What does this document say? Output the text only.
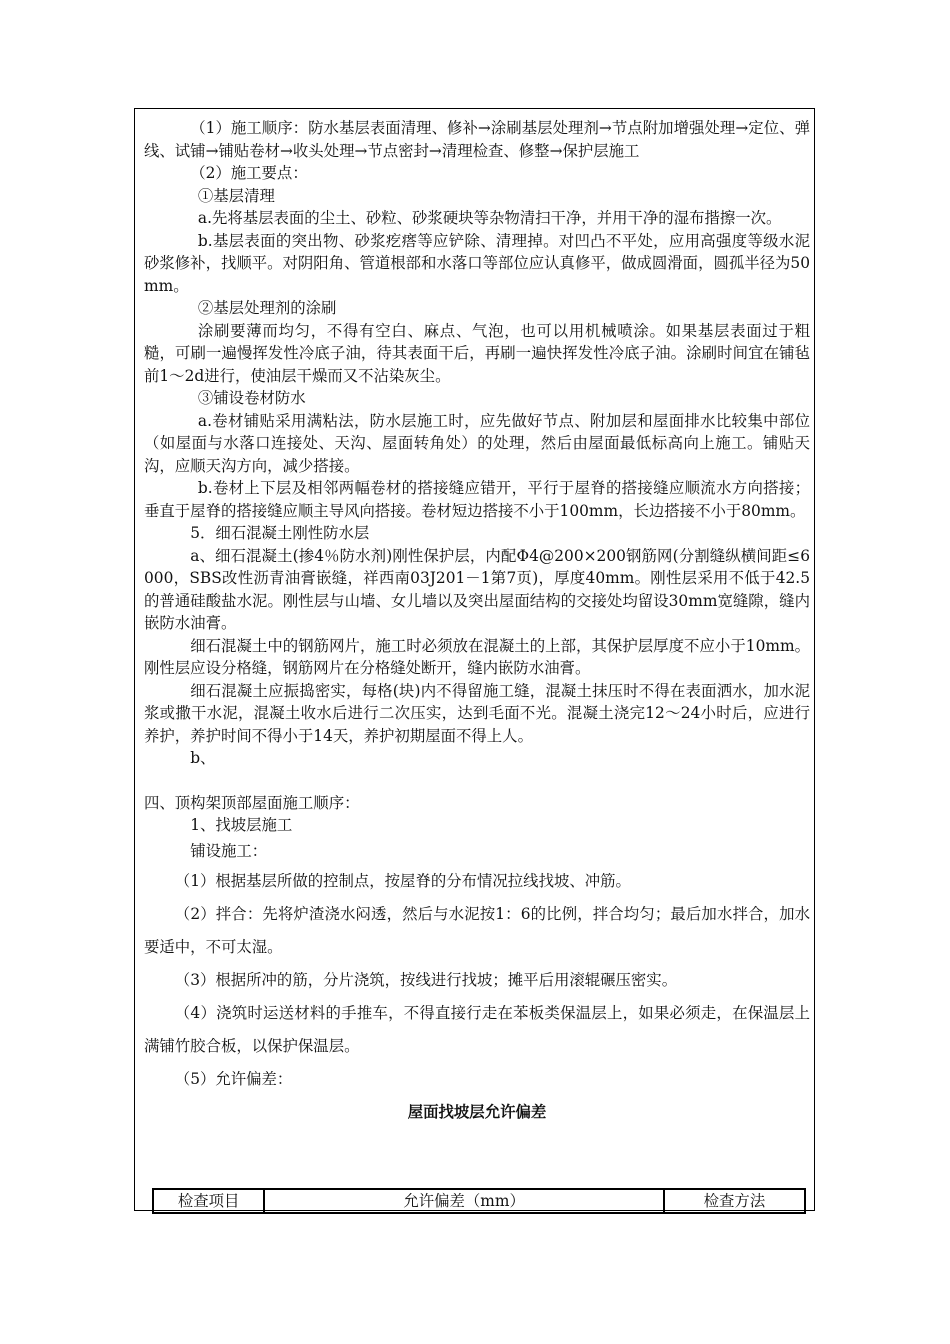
（1）施工顺序：防水基层表面清理、修补→涂刷基层处理剂→节点附加增强处理→定位、弹线、试铺→铺贴卷材→收头处理→节点密封→清理检查、修整→保护层施工

（2）施工要点：

①基层清理

a.先将基层表面的尘土、砂粒、砂浆硬块等杂物清扫干净，并用干净的湿布揩擦一次。

b.基层表面的突出物、砂浆疙瘩等应铲除、清理掉。对凹凸不平处，应用高强度等级水泥砂浆修补，找顺平。对阴阳角、管道根部和水落口等部位应认真修平，做成圆滑面，圆孤半径为50mm。

②基层处理剂的涂刷

涂刷要薄而均匀，不得有空白、麻点、气泡，也可以用机械喷涂。如果基层表面过于粗糙，可刷一遍慢挥发性冷底子油，待其表面干后，再刷一遍快挥发性冷底子油。涂刷时间宜在铺毡前1～2d进行，使油层干燥而又不沾染灰尘。

③铺设卷材防水

a.卷材铺贴采用满粘法，防水层施工时，应先做好节点、附加层和屋面排水比较集中部位（如屋面与水落口连接处、天沟、屋面转角处）的处理，然后由屋面最低标高向上施工。铺贴天沟，应顺天沟方向，减少搭接。

b.卷材上下层及相邻两幅卷材的搭接缝应错开，平行于屋脊的搭接缝应顺流水方向搭接；垂直于屋脊的搭接缝应顺主导风向搭接。卷材短边搭接不小于100mm，长边搭接不小于80mm。

5．细石混凝土刚性防水层

a、细石混凝土(掺4％防水剂)刚性保护层，内配Φ4@200×200钢筋网(分割缝纵横间距≤6000，SBS改性沥青油膏嵌缝，祥西南03J201－1第7页)，厚度40mm。刚性层采用不低于42.5的普通硅酸盐水泥。刚性层与山墙、女儿墙以及突出屋面结构的交接处均留设30mm宽缝隙，缝内嵌防水油膏。

细石混凝土中的钢筋网片，施工时必须放在混凝土的上部，其保护层厚度不应小于10mm。刚性层应设分格缝，钢筋网片在分格缝处断开，缝内嵌防水油膏。

细石混凝土应振捣密实，每格(块)内不得留施工缝，混凝土抹压时不得在表面洒水，加水泥浆或撒干水泥，混凝土收水后进行二次压实，达到毛面不光。混凝土浇完12～24小时后，应进行养护，养护时间不得小于14天，养护初期屋面不得上人。

b、

四、顶构架顶部屋面施工顺序：

1、找坡层施工

铺设施工：

（1）根据基层所做的控制点，按屋脊的分布情况拉线找坡、冲筋。

（2）拌合：先将炉渣浇水闷透，然后与水泥按1：6的比例，拌合均匀；最后加水拌合，加水要适中，不可太湿。

（3）根据所冲的筋，分片浇筑，按线进行找坡；摊平后用滚辊碾压密实。

（4）浇筑时运送材料的手推车，不得直接行走在苯板类保温层上，如果必须走，在保温层上满铺竹胶合板，以保护保温层。

（5）允许偏差：

屋面找坡层允许偏差

检查项目	允许偏差（mm）	检查方法
